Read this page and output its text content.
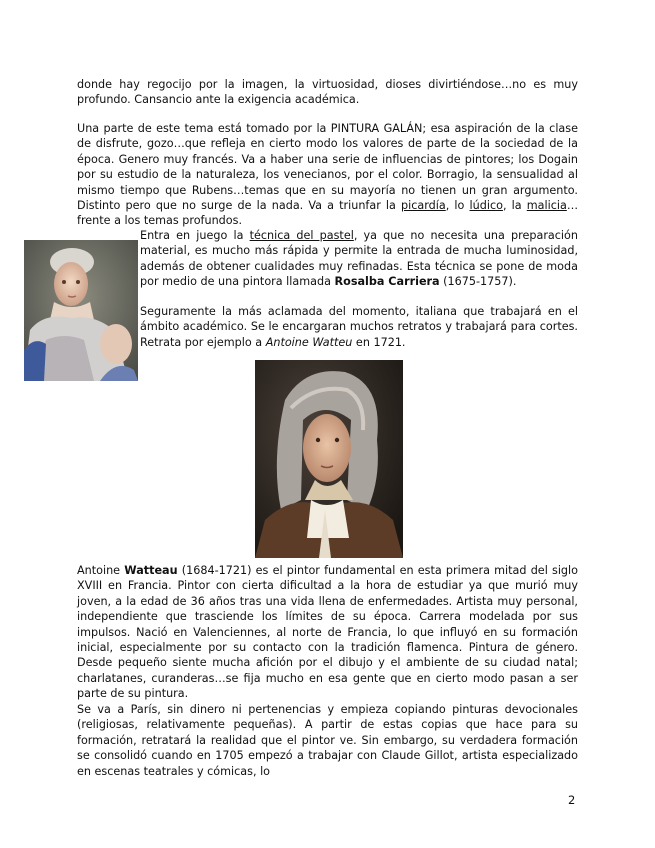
donde hay regocijo por la imagen, la virtuosidad, dioses divirtiéndose…no es muy profundo. Cansancio ante la exigencia académica.

Una parte de este tema está tomado por la PINTURA GALÁN; esa aspiración de la clase de disfrute, gozo…que refleja en cierto modo los valores de parte de la sociedad de la época. Genero muy francés. Va a haber una serie de influencias de pintores; los Dogain por su estudio de la naturaleza, los venecianos, por el color. Borragio, la sensualidad al mismo tiempo que Rubens…temas que en su mayoría no tienen un gran argumento. Distinto pero que no surge de la nada. Va a triunfar la picardía, lo lúdico, la malicia…frente a los temas profundos.

Entra en juego la técnica del pastel, ya que no necesita una preparación material, es mucho más rápida y permite la entrada de mucha luminosidad, además de obtener cualidades muy refinadas. Esta técnica se pone de moda por medio de una pintora llamada Rosalba Carriera (1675-1757).

Seguramente la más aclamada del momento, italiana que trabajará en el ámbito académico. Se le encargaran muchos retratos y trabajará para cortes. Retrata por ejemplo a Antoine Watteu en 1721.

Antoine Watteau (1684-1721) es el pintor fundamental en esta primera mitad del siglo XVIII en Francia. Pintor con cierta dificultad a la hora de estudiar ya que murió muy joven, a la edad de 36 años tras una vida llena de enfermedades. Artista muy personal, independiente que trasciende los límites de su época. Carrera modelada por sus impulsos. Nació en Valenciennes, al norte de Francia, lo que influyó en su formación inicial, especialmente por su contacto con la tradición flamenca. Pintura de género. Desde pequeño siente mucha afición por el dibujo y el ambiente de su ciudad natal; charlatanes, curanderas…se fija mucho en esa gente que en cierto modo pasan a ser parte de su pintura.

Se va a París, sin dinero ni pertenencias y empieza copiando pinturas devocionales (religiosas, relativamente pequeñas). A partir de estas copias que hace para su formación, retratará la realidad que el pintor ve. Sin embargo, su verdadera formación se consolidó cuando en 1705 empezó a trabajar con Claude Gillot, artista especializado en escenas teatrales y cómicas, lo

2
